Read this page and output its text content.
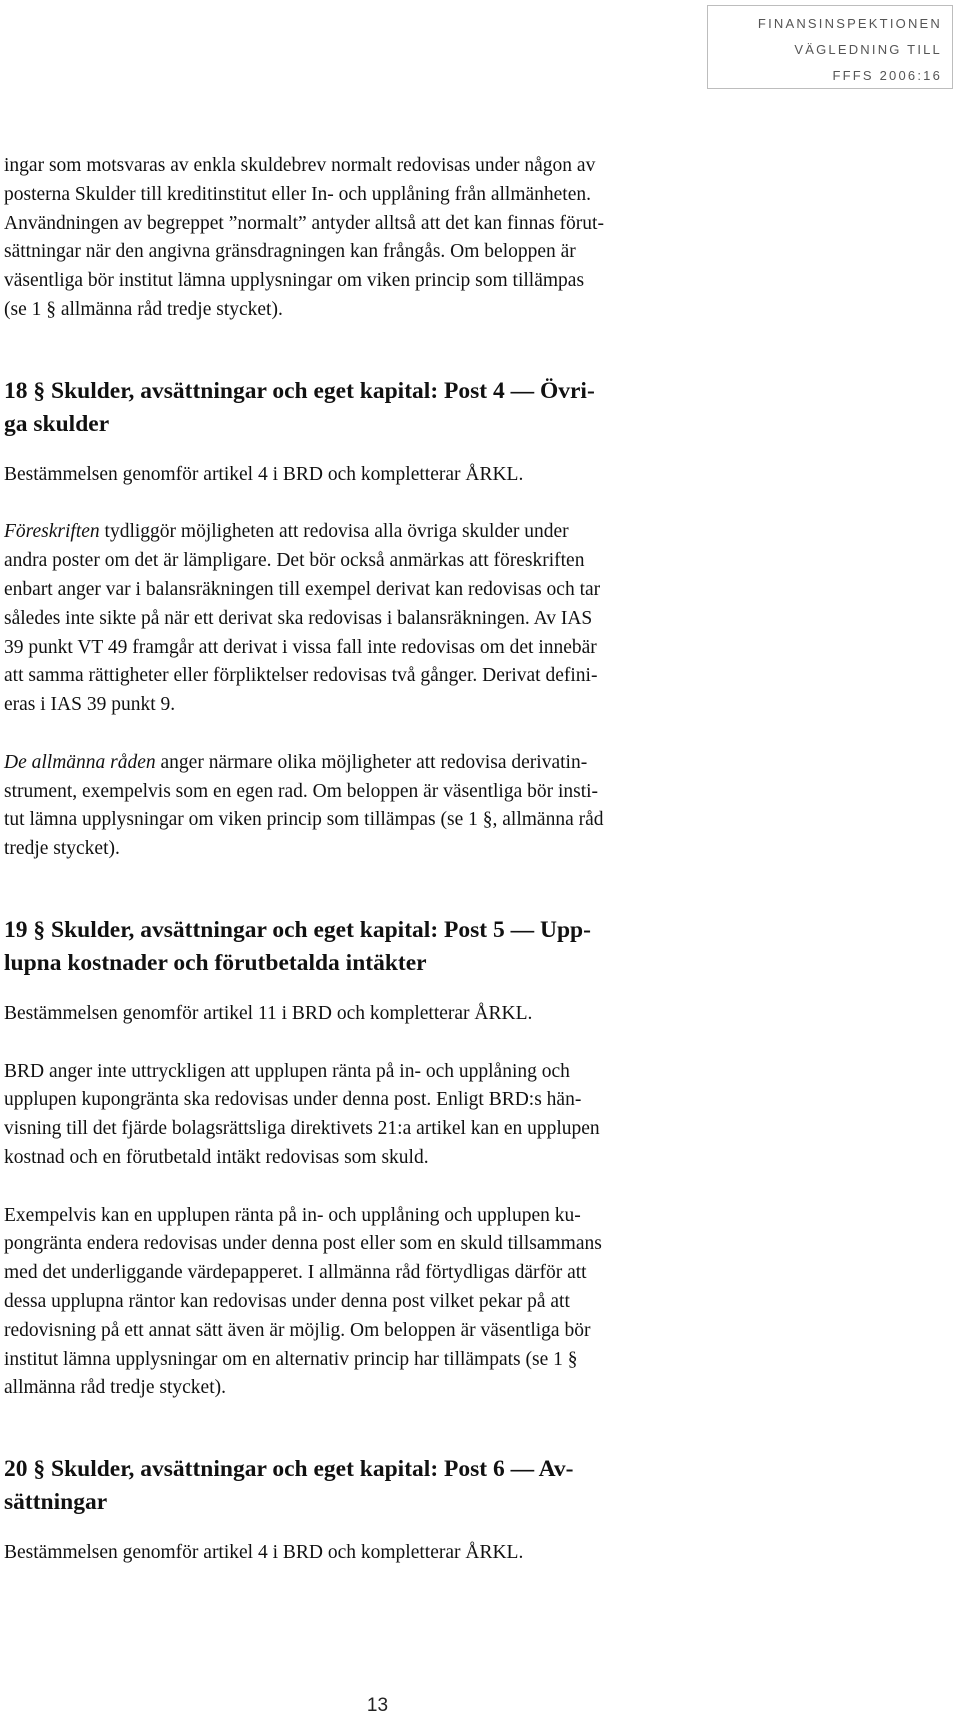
FINANSINSPEKTIONEN
VÄGLEDNING TILL
FFFS 2006:16

ingar som motsvaras av enkla skuldebrev normalt redovisas under någon av
posterna Skulder till kreditinstitut eller In- och upplåning från allmänheten.
Användningen av begreppet ”normalt” antyder alltså att det kan finnas förut-
sättningar när den angivna gränsdragningen kan frångås. Om beloppen är
väsentliga bör institut lämna upplysningar om viken princip som tillämpas
(se 1 § allmänna råd tredje stycket).

18 § Skulder, avsättningar och eget kapital: Post 4 — Övri-
ga skulder

Bestämmelsen genomför artikel 4 i BRD och kompletterar ÅRKL.

Föreskriften tydliggör möjligheten att redovisa alla övriga skulder under
andra poster om det är lämpligare. Det bör också anmärkas att föreskriften
enbart anger var i balansräkningen till exempel derivat kan redovisas och tar
således inte sikte på när ett derivat ska redovisas i balansräkningen. Av IAS
39 punkt VT 49 framgår att derivat i vissa fall inte redovisas om det innebär
att samma rättigheter eller förpliktelser redovisas två gånger. Derivat defini-
eras i IAS 39 punkt 9.

De allmänna råden anger närmare olika möjligheter att redovisa derivatin-
strument, exempelvis som en egen rad. Om beloppen är väsentliga bör insti-
tut lämna upplysningar om viken princip som tillämpas (se 1 §, allmänna råd
tredje stycket).

19 § Skulder, avsättningar och eget kapital: Post 5 — Upp-
lupna kostnader och förutbetalda intäkter

Bestämmelsen genomför artikel 11 i BRD och kompletterar ÅRKL.

BRD anger inte uttryckligen att upplupen ränta på in- och upplåning och
upplupen kupongränta ska redovisas under denna post. Enligt BRD:s hän-
visning till det fjärde bolagsrättsliga direktivets 21:a artikel kan en upplupen
kostnad och en förutbetald intäkt redovisas som skuld.

Exempelvis kan en upplupen ränta på in- och upplåning och upplupen ku-
pongränta endera redovisas under denna post eller som en skuld tillsammans
med det underliggande värdepapperet. I allmänna råd förtydligas därför att
dessa upplupna räntor kan redovisas under denna post vilket pekar på att
redovisning på ett annat sätt även är möjlig. Om beloppen är väsentliga bör
institut lämna upplysningar om en alternativ princip har tillämpats (se 1 §
allmänna råd tredje stycket).

20 § Skulder, avsättningar och eget kapital: Post 6 — Av-
sättningar

Bestämmelsen genomför artikel 4 i BRD och kompletterar ÅRKL.

13
